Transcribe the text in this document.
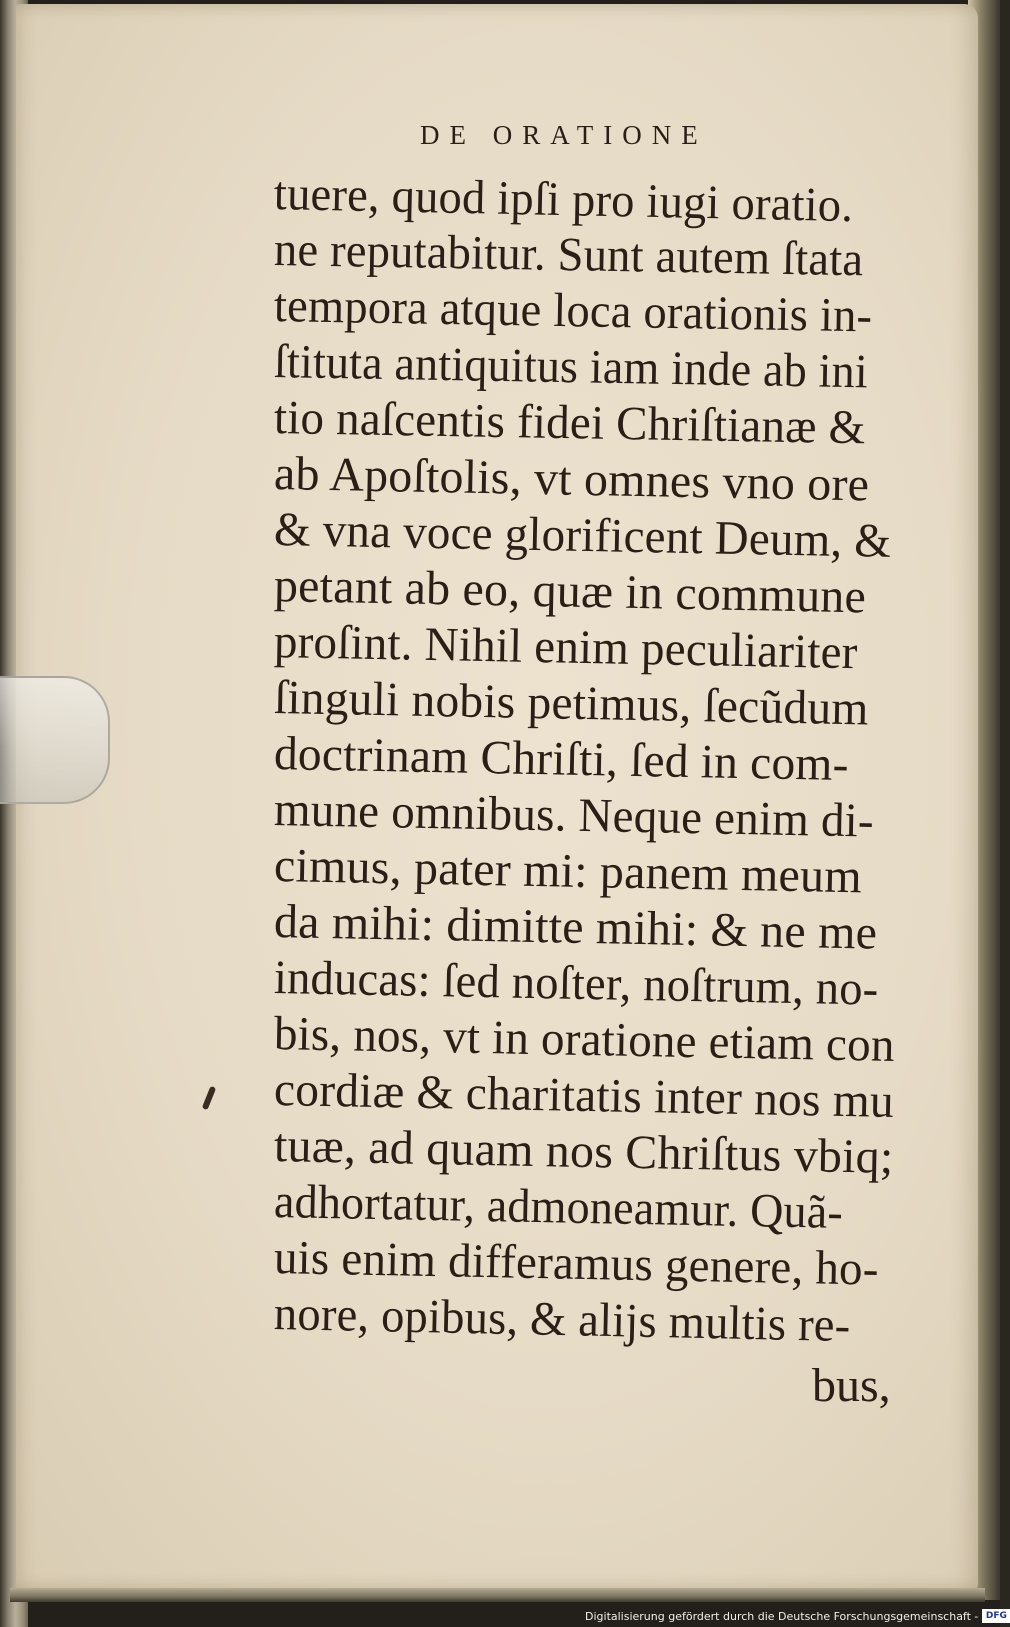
DE ORATIONE
tuere, quod ipſi pro iugi oratio.
ne reputabitur. Sunt autem ſtata
tempora atque loca orationis in-
ſtituta antiquitus iam inde ab ini
tio naſcentis fidei Chriſtianæ &
ab Apoſtolis, vt omnes vno ore
& vna voce glorificent Deum, &
petant ab eo, quæ in commune
proſint. Nihil enim peculiariter
ſinguli nobis petimus, ſecũdum
doctrinam Chriſti, ſed in com-
mune omnibus. Neque enim di-
cimus, pater mi: panem meum
da mihi: dimitte mihi: & ne me
inducas: ſed noſter, noſtrum, no-
bis, nos, vt in oratione etiam con
cordiæ & charitatis inter nos mu
tuæ, ad quam nos Chriſtus vbiq;
adhortatur, admoneamur. Quã-
uis enim differamus genere, ho-
nore, opibus, & alijs multis re-
bus,
Digitalisierung gefördert durch die Deutsche Forschungsgemeinschaft - DFG
